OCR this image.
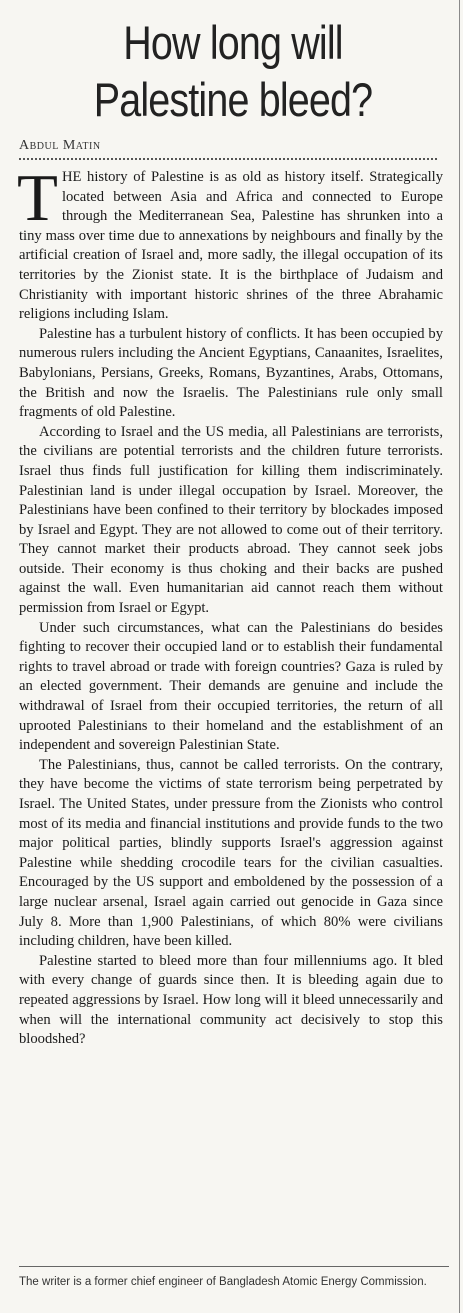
How long will
Palestine bleed?
Abdul Matin

THE history of Palestine is as old as history itself. Strategically located between Asia and Africa and connected to Europe through the Mediterranean Sea, Palestine has shrunken into a tiny mass over time due to annexations by neighbours and finally by the artificial creation of Israel and, more sadly, the illegal occupation of its territories by the Zionist state. It is the birthplace of Judaism and Christianity with important historic shrines of the three Abrahamic religions including Islam.

Palestine has a turbulent history of conflicts. It has been occupied by numerous rulers including the Ancient Egyptians, Canaanites, Israelites, Babylonians, Persians, Greeks, Romans, Byzantines, Arabs, Ottomans, the British and now the Israelis. The Palestinians rule only small fragments of old Palestine.

According to Israel and the US media, all Palestinians are terrorists, the civilians are potential terrorists and the children future terrorists. Israel thus finds full justification for killing them indiscriminately. Palestinian land is under illegal occupation by Israel. Moreover, the Palestinians have been confined to their territory by blockades imposed by Israel and Egypt. They are not allowed to come out of their territory. They cannot market their products abroad. They cannot seek jobs outside. Their economy is thus choking and their backs are pushed against the wall. Even humanitarian aid cannot reach them without permission from Israel or Egypt.

Under such circumstances, what can the Palestinians do besides fighting to recover their occupied land or to establish their fundamental rights to travel abroad or trade with foreign countries? Gaza is ruled by an elected government. Their demands are genuine and include the withdrawal of Israel from their occupied territories, the return of all uprooted Palestinians to their homeland and the establishment of an independent and sovereign Palestinian State.

The Palestinians, thus, cannot be called terrorists. On the contrary, they have become the victims of state terrorism being perpetrated by Israel. The United States, under pressure from the Zionists who control most of its media and financial institutions and provide funds to the two major political parties, blindly supports Israel's aggression against Palestine while shedding crocodile tears for the civilian casualties. Encouraged by the US support and emboldened by the possession of a large nuclear arsenal, Israel again carried out genocide in Gaza since July 8. More than 1,900 Palestinians, of which 80% were civilians including children, have been killed.

Palestine started to bleed more than four millenniums ago. It bled with every change of guards since then. It is bleeding again due to repeated aggressions by Israel. How long will it bleed unnecessarily and when will the international community act decisively to stop this bloodshed?

The writer is a former chief engineer of Bangladesh Atomic Energy Commission.
